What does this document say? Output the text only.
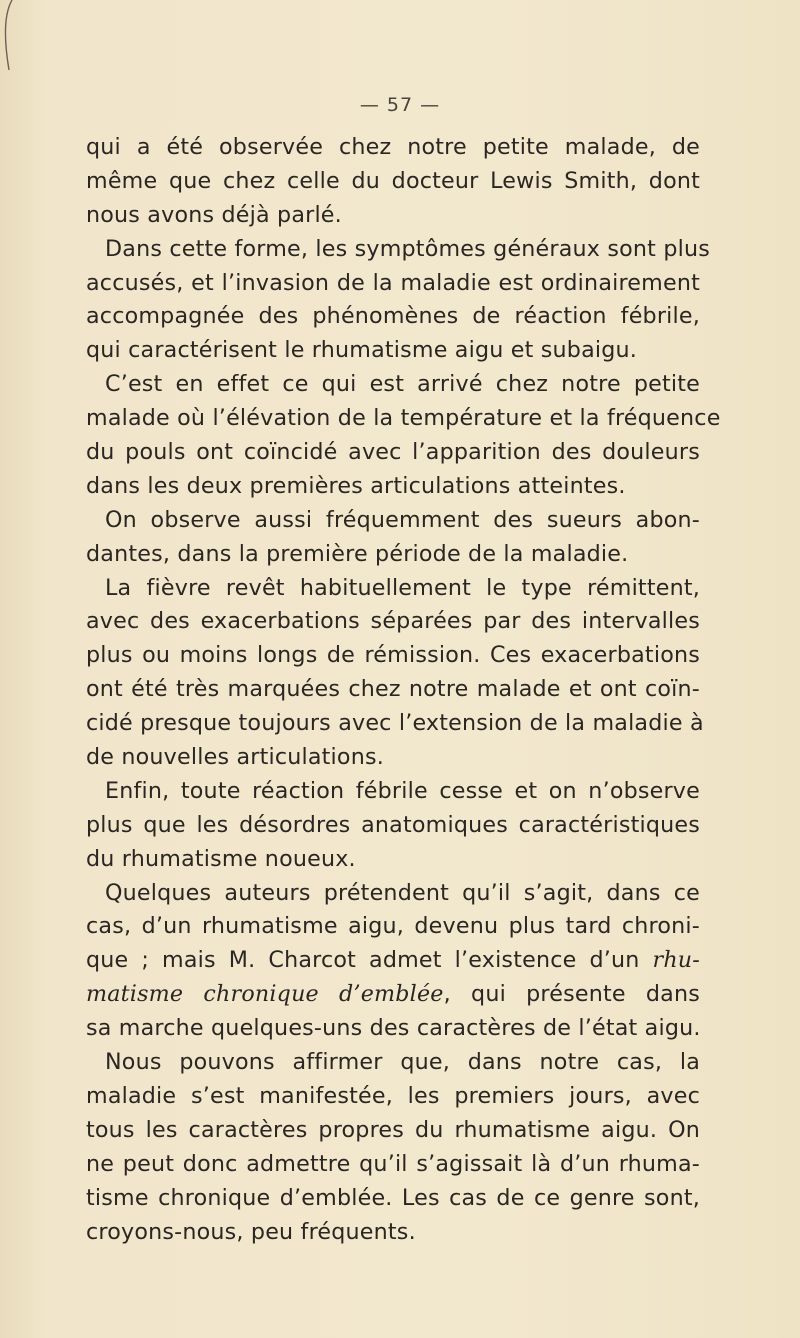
— 57 —
qui a été observée chez notre petite malade, de
même que chez celle du docteur Lewis Smith, dont
nous avons déjà parlé.
Dans cette forme, les symptômes généraux sont plus
accusés, et l’invasion de la maladie est ordinairement
accompagnée des phénomènes de réaction fébrile,
qui caractérisent le rhumatisme aigu et subaigu.
C’est en effet ce qui est arrivé chez notre petite
malade où l’élévation de la température et la fréquence
du pouls ont coïncidé avec l’apparition des douleurs
dans les deux premières articulations atteintes.
On observe aussi fréquemment des sueurs abon-
dantes, dans la première période de la maladie.
La fièvre revêt habituellement le type rémittent,
avec des exacerbations séparées par des intervalles
plus ou moins longs de rémission. Ces exacerbations
ont été très marquées chez notre malade et ont coïn-
cidé presque toujours avec l’extension de la maladie à
de nouvelles articulations.
Enfin, toute réaction fébrile cesse et on n’observe
plus que les désordres anatomiques caractéristiques
du rhumatisme noueux.
Quelques auteurs prétendent qu’il s’agit, dans ce
cas, d’un rhumatisme aigu, devenu plus tard chroni-
que ; mais M. Charcot admet l’existence d’un rhu-
matisme chronique d’emblée, qui présente dans
sa marche quelques-uns des caractères de l’état aigu.
Nous pouvons affirmer que, dans notre cas, la
maladie s’est manifestée, les premiers jours, avec
tous les caractères propres du rhumatisme aigu. On
ne peut donc admettre qu’il s’agissait là d’un rhuma-
tisme chronique d’emblée. Les cas de ce genre sont,
croyons-nous, peu fréquents.
